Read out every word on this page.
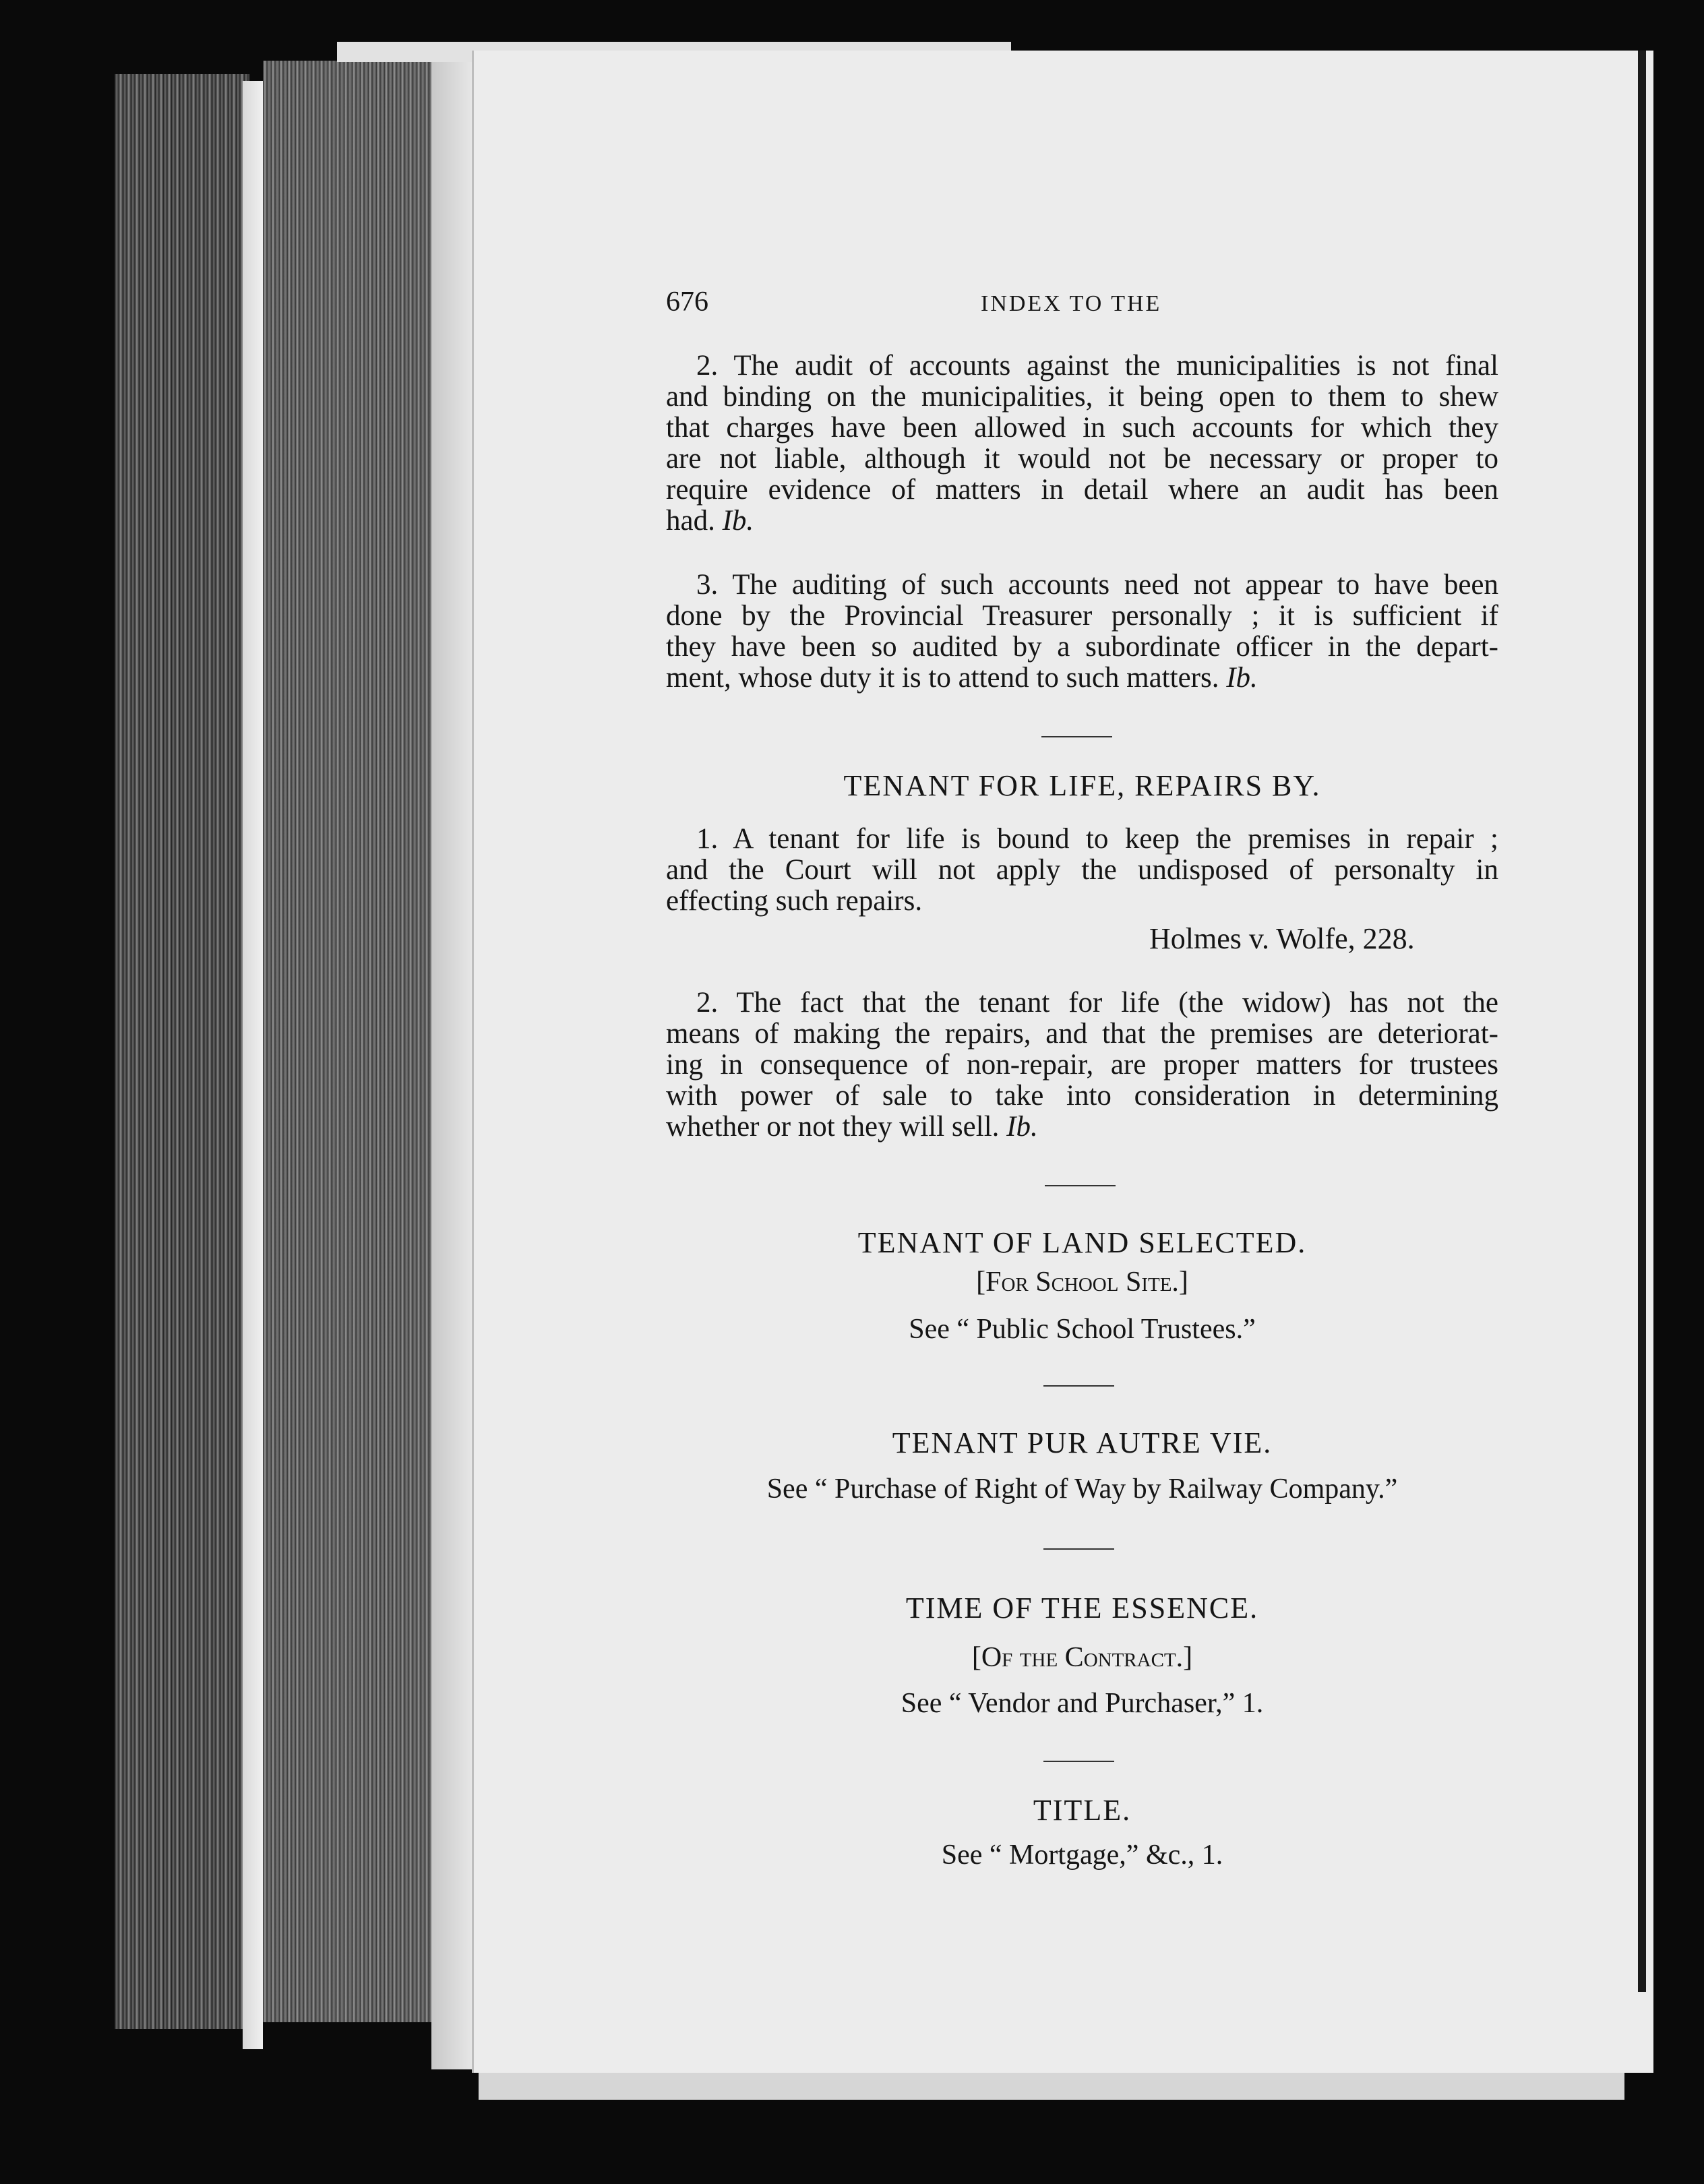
676	INDEX TO THE
2. The audit of accounts against the municipalities is not final
and binding on the municipalities, it being open to them to shew
that charges have been allowed in such accounts for which they
are not liable, although it would not be necessary or proper to
require evidence of matters in detail where an audit has been
had. Ib.
3. The auditing of such accounts need not appear to have been
done by the Provincial Treasurer personally ; it is sufficient if
they have been so audited by a subordinate officer in the depart-
ment, whose duty it is to attend to such matters. Ib.
TENANT FOR LIFE, REPAIRS BY.
1. A tenant for life is bound to keep the premises in repair ;
and the Court will not apply the undisposed of personalty in
effecting such repairs.
Holmes v. Wolfe, 228.
2. The fact that the tenant for life (the widow) has not the
means of making the repairs, and that the premises are deteriorat-
ing in consequence of non-repair, are proper matters for trustees
with power of sale to take into consideration in determining
whether or not they will sell. Ib.
TENANT OF LAND SELECTED.
[For School Site.]
See “ Public School Trustees.”
TENANT PUR AUTRE VIE.
See “ Purchase of Right of Way by Railway Company.”
TIME OF THE ESSENCE.
[Of the Contract.]
See “ Vendor and Purchaser,” 1.
TITLE.
See “ Mortgage,” &c., 1.
